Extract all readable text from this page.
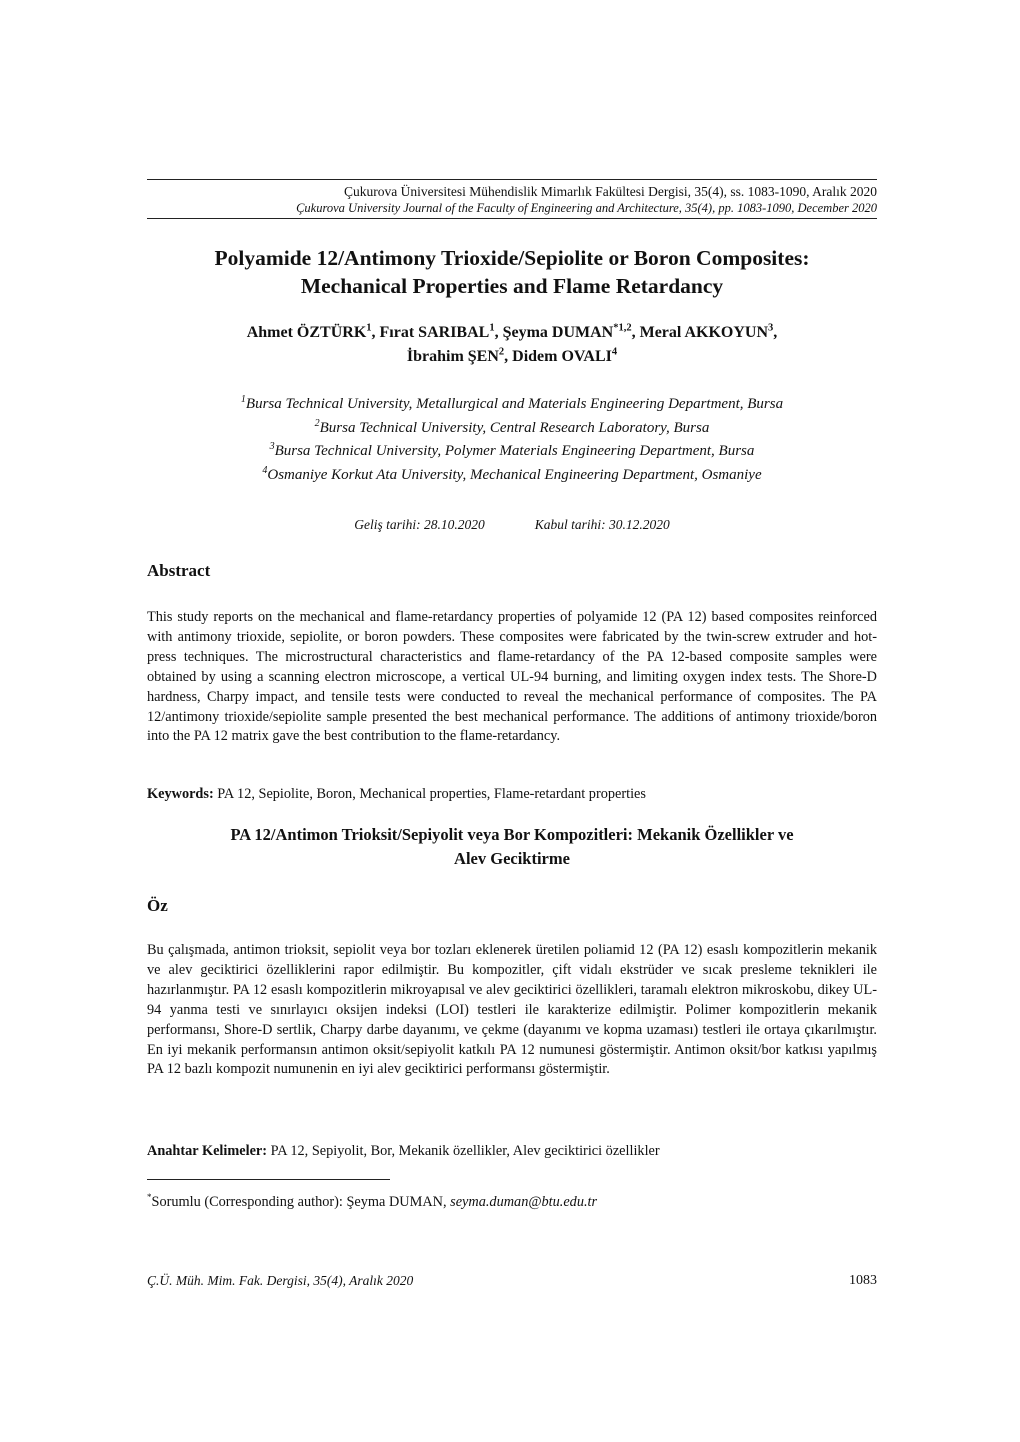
Çukurova Üniversitesi Mühendislik Mimarlık Fakültesi Dergisi, 35(4), ss. 1083-1090, Aralık 2020
Çukurova University Journal of the Faculty of Engineering and Architecture, 35(4), pp. 1083-1090, December 2020
Polyamide 12/Antimony Trioxide/Sepiolite or Boron Composites:
Mechanical Properties and Flame Retardancy
Ahmet ÖZTÜRK$^1$, Fırat SARIBAL$^1$, Şeyma DUMAN$^{*1,2}$, Meral AKKOYUN$^3$,
İbrahim ŞEN$^2$, Didem OVALI$^4$
$^1$Bursa Technical University, Metallurgical and Materials Engineering Department, Bursa
$^2$Bursa Technical University, Central Research Laboratory, Bursa
$^3$Bursa Technical University, Polymer Materials Engineering Department, Bursa
$^4$Osmaniye Korkut Ata University, Mechanical Engineering Department, Osmaniye
Geliş tarihi: 28.10.2020	Kabul tarihi: 30.12.2020
Abstract

This study reports on the mechanical and flame-retardancy properties of polyamide 12 (PA 12) based composites reinforced with antimony trioxide, sepiolite, or boron powders. These composites were fabricated by the twin-screw extruder and hot-press techniques. The microstructural characteristics and flame-retardancy of the PA 12-based composite samples were obtained by using a scanning electron microscope, a vertical UL-94 burning, and limiting oxygen index tests. The Shore-D hardness, Charpy impact, and tensile tests were conducted to reveal the mechanical performance of composites. The PA 12/antimony trioxide/sepiolite sample presented the best mechanical performance. The additions of antimony trioxide/boron into the PA 12 matrix gave the best contribution to the flame-retardancy.

Keywords: PA 12, Sepiolite, Boron, Mechanical properties, Flame-retardant properties
PA 12/Antimon Trioksit/Sepiyolit veya Bor Kompozitleri: Mekanik Özellikler ve
Alev Geciktirme
Öz

Bu çalışmada, antimon trioksit, sepiolit veya bor tozları eklenerek üretilen poliamid 12 (PA 12) esaslı kompozitlerin mekanik ve alev geciktirici özelliklerini rapor edilmiştir. Bu kompozitler, çift vidalı ekstrüder ve sıcak presleme teknikleri ile hazırlanmıştır. PA 12 esaslı kompozitlerin mikroyapısal ve alev geciktirici özellikleri, taramalı elektron mikroskobu, dikey UL-94 yanma testi ve sınırlayıcı oksijen indeksi (LOI) testleri ile karakterize edilmiştir. Polimer kompozitlerin mekanik performansı, Shore-D sertlik, Charpy darbe dayanımı, ve çekme (dayanımı ve kopma uzaması) testleri ile ortaya çıkarılmıştır. En iyi mekanik performansın antimon oksit/sepiyolit katkılı PA 12 numunesi göstermiştir. Antimon oksit/bor katkısı yapılmış PA 12 bazlı kompozit numunenin en iyi alev geciktirici performansı göstermiştir.

Anahtar Kelimeler: PA 12, Sepiyolit, Bor, Mekanik özellikler, Alev geciktirici özellikler
*Sorumlu (Corresponding author): Şeyma DUMAN, seyma.duman@btu.edu.tr
Ç.Ü. Müh. Mim. Fak. Dergisi, 35(4), Aralık 2020	1083
